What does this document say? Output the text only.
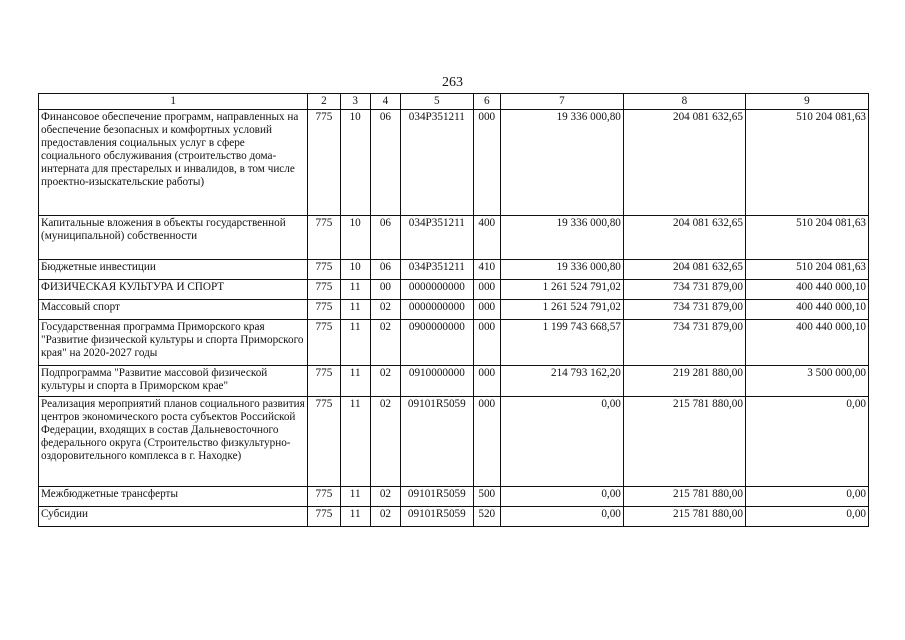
263
1	2	3	4	5	6	7	8	9
Финансовое обеспечение программ, направленных на обеспечение безопасных и комфортных условий предоставления социальных услуг в сфере социального обслуживания (строительство дома-интерната для престарелых и инвалидов, в том числе проектно-изыскательские работы)	775	10	06	034P351211	000	19 336 000,80	204 081 632,65	510 204 081,63
Капитальные вложения в объекты государственной (муниципальной) собственности	775	10	06	034P351211	400	19 336 000,80	204 081 632,65	510 204 081,63
Бюджетные инвестиции	775	10	06	034P351211	410	19 336 000,80	204 081 632,65	510 204 081,63
ФИЗИЧЕСКАЯ КУЛЬТУРА И СПОРТ	775	11	00	0000000000	000	1 261 524 791,02	734 731 879,00	400 440 000,10
Массовый спорт	775	11	02	0000000000	000	1 261 524 791,02	734 731 879,00	400 440 000,10
Государственная программа Приморского края "Развитие физической культуры и спорта Приморского края" на 2020-2027 годы	775	11	02	0900000000	000	1 199 743 668,57	734 731 879,00	400 440 000,10
Подпрограмма "Развитие массовой физической культуры и спорта в Приморском крае"	775	11	02	0910000000	000	214 793 162,20	219 281 880,00	3 500 000,00
Реализация мероприятий планов социального развития центров экономического роста субъектов Российской Федерации, входящих в состав Дальневосточного федерального округа (Строительство физкультурно-оздоровительного комплекса в г. Находке)	775	11	02	09101R5059	000	0,00	215 781 880,00	0,00
Межбюджетные трансферты	775	11	02	09101R5059	500	0,00	215 781 880,00	0,00
Субсидии	775	11	02	09101R5059	520	0,00	215 781 880,00	0,00
